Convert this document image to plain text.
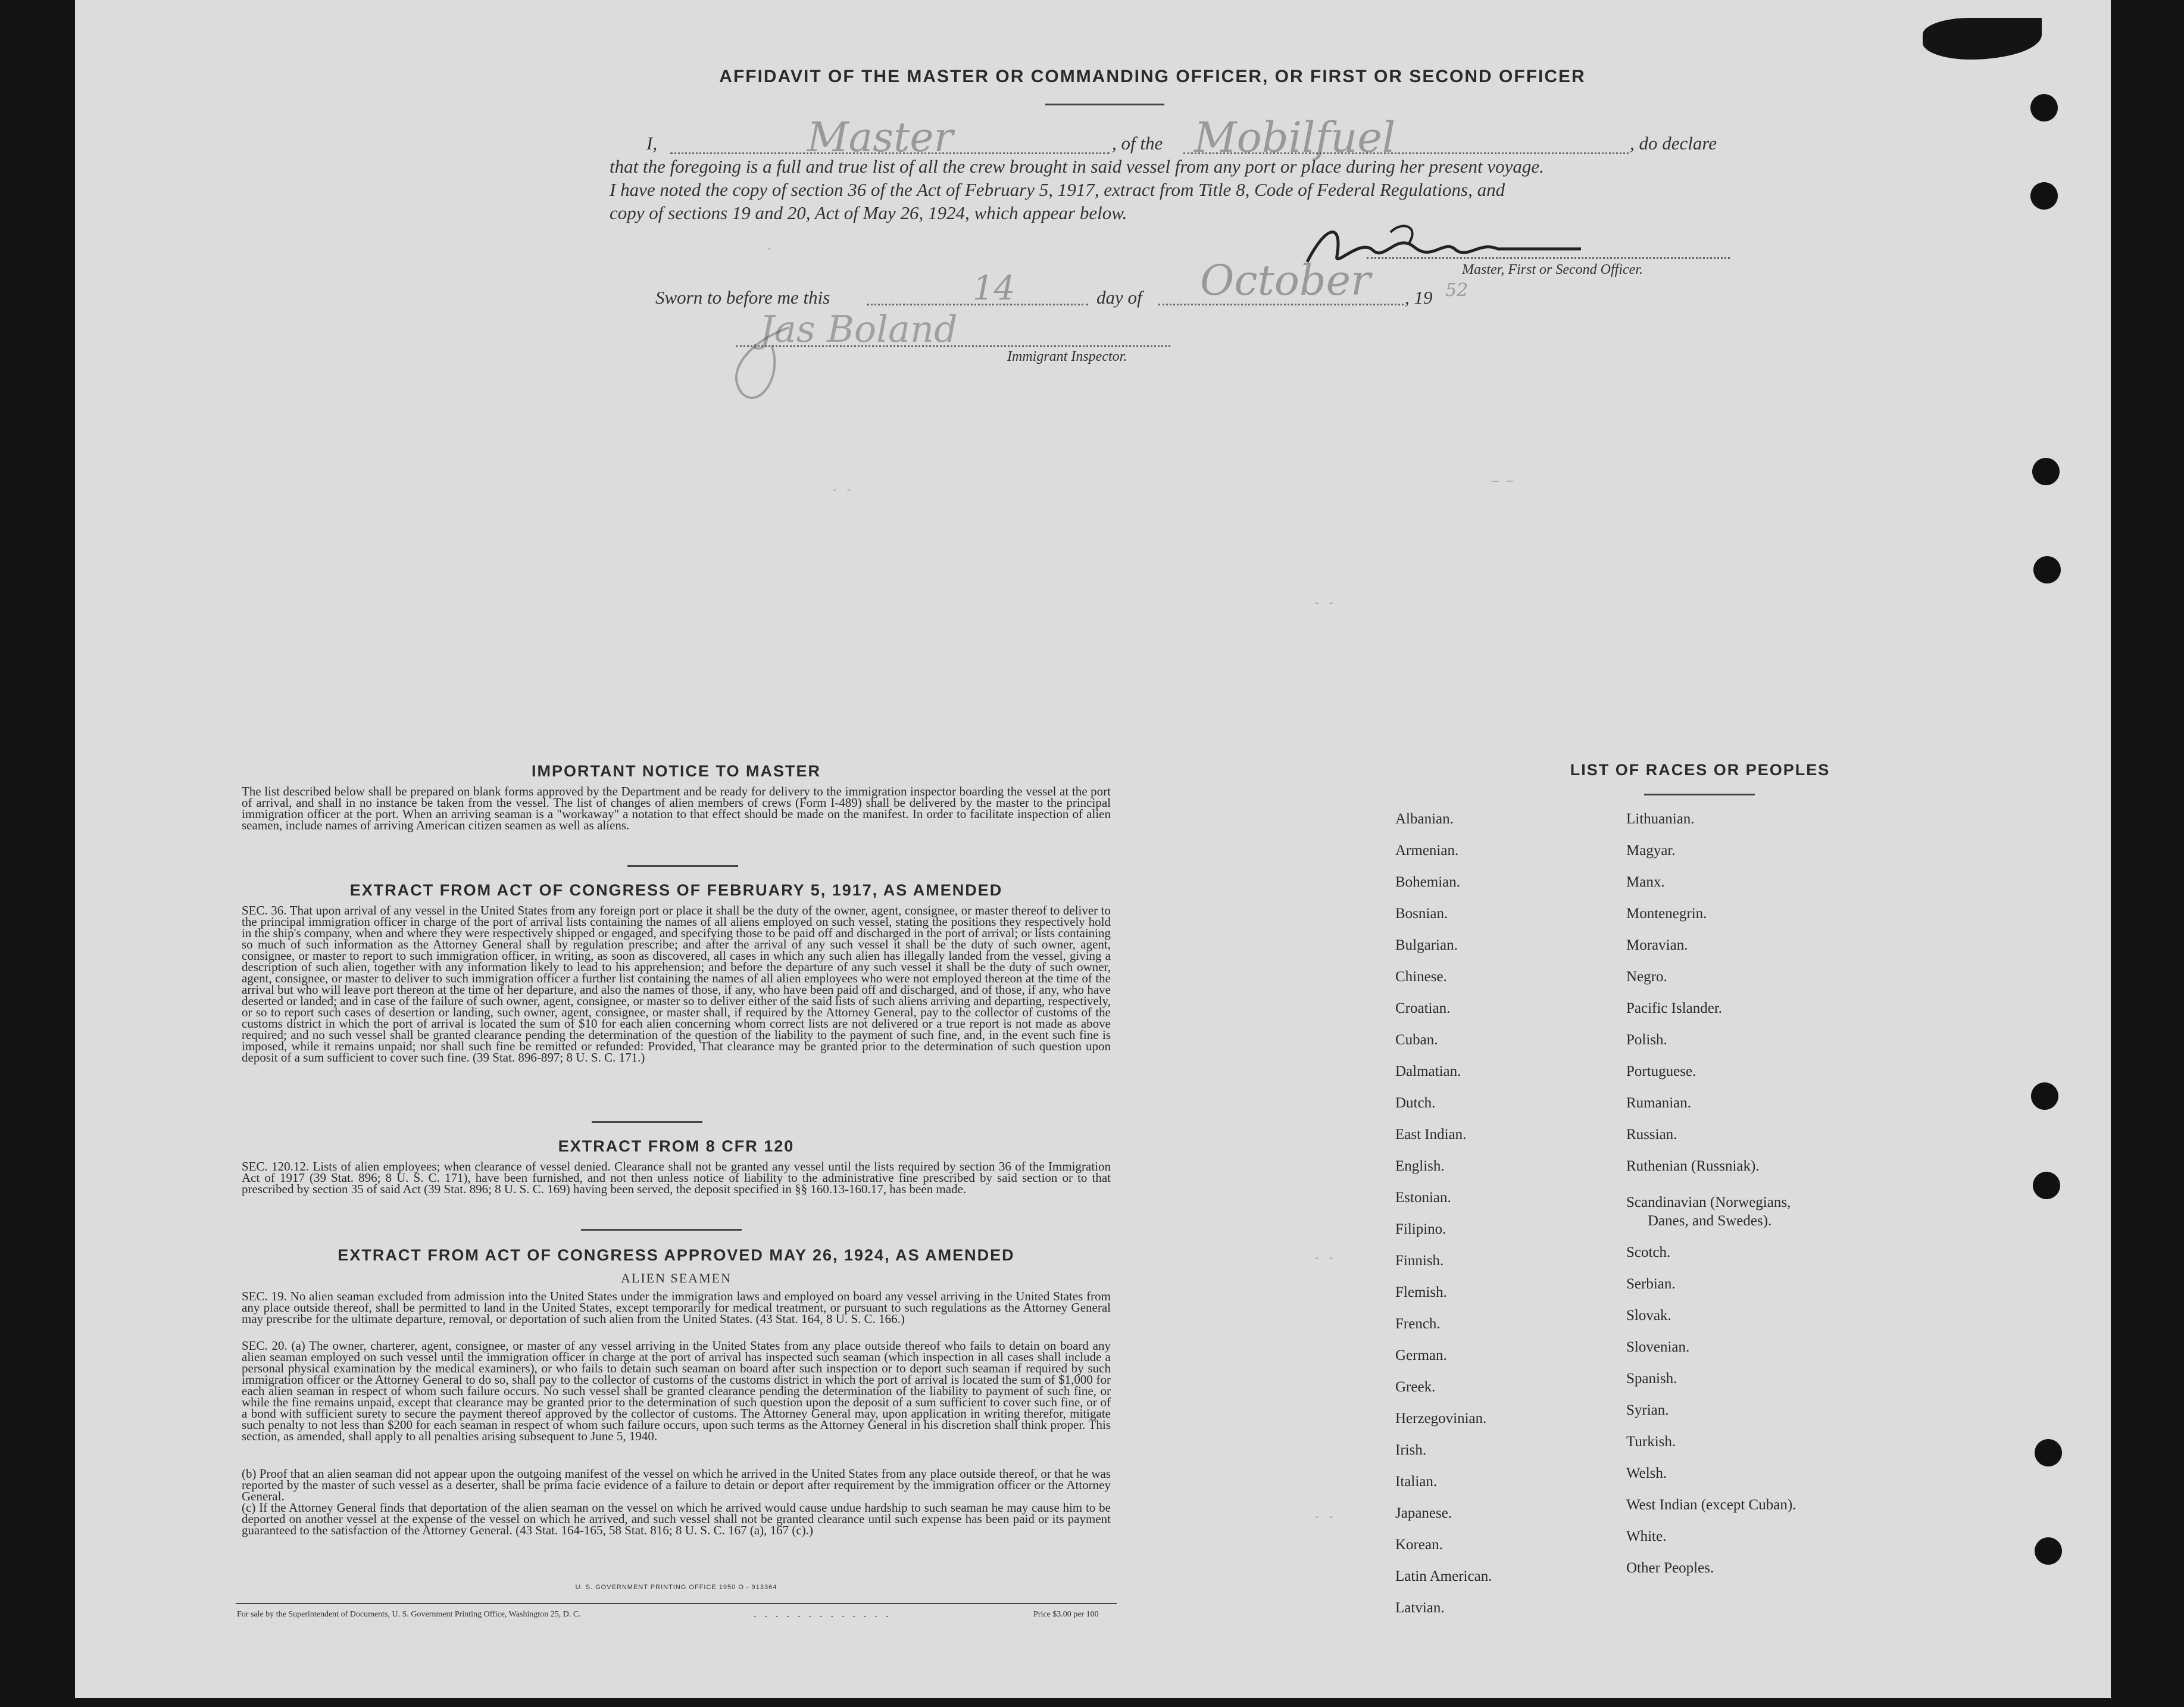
AFFIDAVIT OF THE MASTER OR COMMANDING OFFICER, OR FIRST OR SECOND OFFICER
I,	Master	, of the Mobilfuel	, do declare
that the foregoing is a full and true list of all the crew brought in said vessel from any port or place during her present voyage.
I have noted the copy of section 36 of the Act of February 5, 1917, extract from Title 8, Code of Federal Regulations, and
copy of sections 19 and 20, Act of May 26, 1924, which appear below.
Master, First or Second Officer.
Sworn to before me this	14	day of October , 19 52
Jas Boland
Immigrant Inspector.
.
- -
— —
- -
- -
- -
IMPORTANT NOTICE TO MASTER
The list described below shall be prepared on blank forms approved by the Department and be ready for delivery to the immigration inspector boarding the vessel at the port of arrival, and shall in no instance be taken from the vessel. The list of changes of alien members of crews (Form I-489) shall be delivered by the master to the principal immigration officer at the port. When an arriving seaman is a "workaway" a notation to that effect should be made on the manifest. In order to facilitate inspection of alien seamen, include names of arriving American citizen seamen as well as aliens.
EXTRACT FROM ACT OF CONGRESS OF FEBRUARY 5, 1917, AS AMENDED
SEC. 36. That upon arrival of any vessel in the United States from any foreign port or place it shall be the duty of the owner, agent, consignee, or master thereof to deliver to the principal immigration officer in charge of the port of arrival lists containing the names of all aliens employed on such vessel, stating the positions they respectively hold in the ship's company, when and where they were respectively shipped or engaged, and specifying those to be paid off and discharged in the port of arrival; or lists containing so much of such information as the Attorney General shall by regulation prescribe; and after the arrival of any such vessel it shall be the duty of such owner, agent, consignee, or master to report to such immigration officer, in writing, as soon as discovered, all cases in which any such alien has illegally landed from the vessel, giving a description of such alien, together with any information likely to lead to his apprehension; and before the departure of any such vessel it shall be the duty of such owner, agent, consignee, or master to deliver to such immigration officer a further list containing the names of all alien employees who were not employed thereon at the time of the arrival but who will leave port thereon at the time of her departure, and also the names of those, if any, who have been paid off and discharged, and of those, if any, who have deserted or landed; and in case of the failure of such owner, agent, consignee, or master so to deliver either of the said lists of such aliens arriving and departing, respectively, or so to report such cases of desertion or landing, such owner, agent, consignee, or master shall, if required by the Attorney General, pay to the collector of customs of the customs district in which the port of arrival is located the sum of $10 for each alien concerning whom correct lists are not delivered or a true report is not made as above required; and no such vessel shall be granted clearance pending the determination of the question of the liability to the payment of such fine, and, in the event such fine is imposed, while it remains unpaid; nor shall such fine be remitted or refunded: Provided, That clearance may be granted prior to the determination of such question upon deposit of a sum sufficient to cover such fine. (39 Stat. 896-897; 8 U. S. C. 171.)
EXTRACT FROM 8 CFR 120
SEC. 120.12. Lists of alien employees; when clearance of vessel denied. Clearance shall not be granted any vessel until the lists required by section 36 of the Immigration Act of 1917 (39 Stat. 896; 8 U. S. C. 171), have been furnished, and not then unless notice of liability to the administrative fine prescribed by said section or to that prescribed by section 35 of said Act (39 Stat. 896; 8 U. S. C. 169) having been served, the deposit specified in §§ 160.13-160.17, has been made.
EXTRACT FROM ACT OF CONGRESS APPROVED MAY 26, 1924, AS AMENDED
ALIEN SEAMEN
SEC. 19. No alien seaman excluded from admission into the United States under the immigration laws and employed on board any vessel arriving in the United States from any place outside thereof, shall be permitted to land in the United States, except temporarily for medical treatment, or pursuant to such regulations as the Attorney General may prescribe for the ultimate departure, removal, or deportation of such alien from the United States. (43 Stat. 164, 8 U. S. C. 166.)
SEC. 20. (a) The owner, charterer, agent, consignee, or master of any vessel arriving in the United States from any place outside thereof who fails to detain on board any alien seaman employed on such vessel until the immigration officer in charge at the port of arrival has inspected such seaman (which inspection in all cases shall include a personal physical examination by the medical examiners), or who fails to detain such seaman on board after such inspection or to deport such seaman if required by such immigration officer or the Attorney General to do so, shall pay to the collector of customs of the customs district in which the port of arrival is located the sum of $1,000 for each alien seaman in respect of whom such failure occurs. No such vessel shall be granted clearance pending the determination of the liability to payment of such fine, or while the fine remains unpaid, except that clearance may be granted prior to the determination of such question upon the deposit of a sum sufficient to cover such fine, or of a bond with sufficient surety to secure the payment thereof approved by the collector of customs. The Attorney General may, upon application in writing therefor, mitigate such penalty to not less than $200 for each seaman in respect of whom such failure occurs, upon such terms as the Attorney General in his discretion shall think proper. This section, as amended, shall apply to all penalties arising subsequent to June 5, 1940.
(b) Proof that an alien seaman did not appear upon the outgoing manifest of the vessel on which he arrived in the United States from any place outside thereof, or that he was reported by the master of such vessel as a deserter, shall be prima facie evidence of a failure to detain or deport after requirement by the immigration officer or the Attorney General.
(c) If the Attorney General finds that deportation of the alien seaman on the vessel on which he arrived would cause undue hardship to such seaman he may cause him to be deported on another vessel at the expense of the vessel on which he arrived, and such vessel shall not be granted clearance until such expense has been paid or its payment guaranteed to the satisfaction of the Attorney General. (43 Stat. 164-165, 58 Stat. 816; 8 U. S. C. 167 (a), 167 (c).)
U. S. GOVERNMENT PRINTING OFFICE 1950 O - 913364
For sale by the Superintendent of Documents, U. S. Government Printing Office, Washington 25, D. C.	.............	Price $3.00 per 100
LIST OF RACES OR PEOPLES
Albanian.
Armenian.
Bohemian.
Bosnian.
Bulgarian.
Chinese.
Croatian.
Cuban.
Dalmatian.
Dutch.
East Indian.
English.
Estonian.
Filipino.
Finnish.
Flemish.
French.
German.
Greek.
Herzegovinian.
Irish.
Italian.
Japanese.
Korean.
Latin American.
Latvian.
Lithuanian.
Magyar.
Manx.
Montenegrin.
Moravian.
Negro.
Pacific Islander.
Polish.
Portuguese.
Rumanian.
Russian.
Ruthenian (Russniak).
Scandinavian (Norwegians,
Danes, and Swedes).
Scotch.
Serbian.
Slovak.
Slovenian.
Spanish.
Syrian.
Turkish.
Welsh.
West Indian (except Cuban).
White.
Other Peoples.
